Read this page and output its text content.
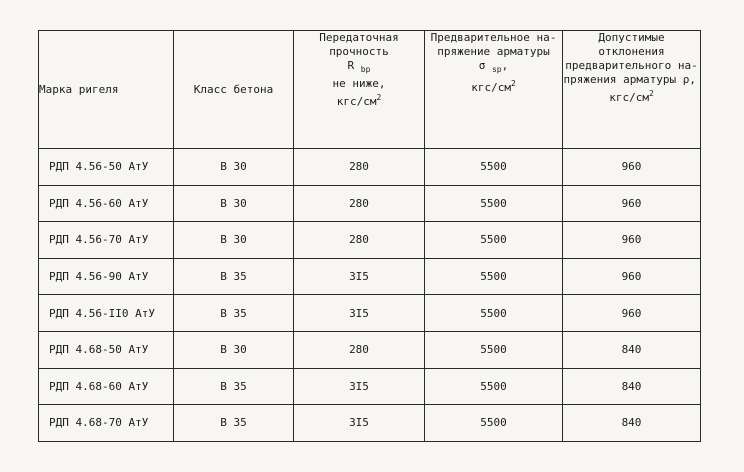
Марка ригеля	Класс бетона	Передаточная прочность
R $_{bp}$
не ниже,
кгс/$см^2$	Предварительное на-
пряжение арматуры
σ $_{sp}$,
кгс/$см^2$	Допустимые отклонения
предварительного на-
пряжения арматуры ρ,
кгс/$см^2$

РДП 4.56-50 АтУ	В 30	280	5500	960
РДП 4.56-60 АтУ	В 30	280	5500	960
РДП 4.56-70 АтУ	В 30	280	5500	960
РДП 4.56-90 АтУ	В 35	3I5	5500	960
РДП 4.56-II0 АтУ	В 35	3I5	5500	960
РДП 4.68-50 АтУ	В 30	280	5500	840
РДП 4.68-60 АтУ	В 35	3I5	5500	840
РДП 4.68-70 АтУ	В 35	3I5	5500	840
